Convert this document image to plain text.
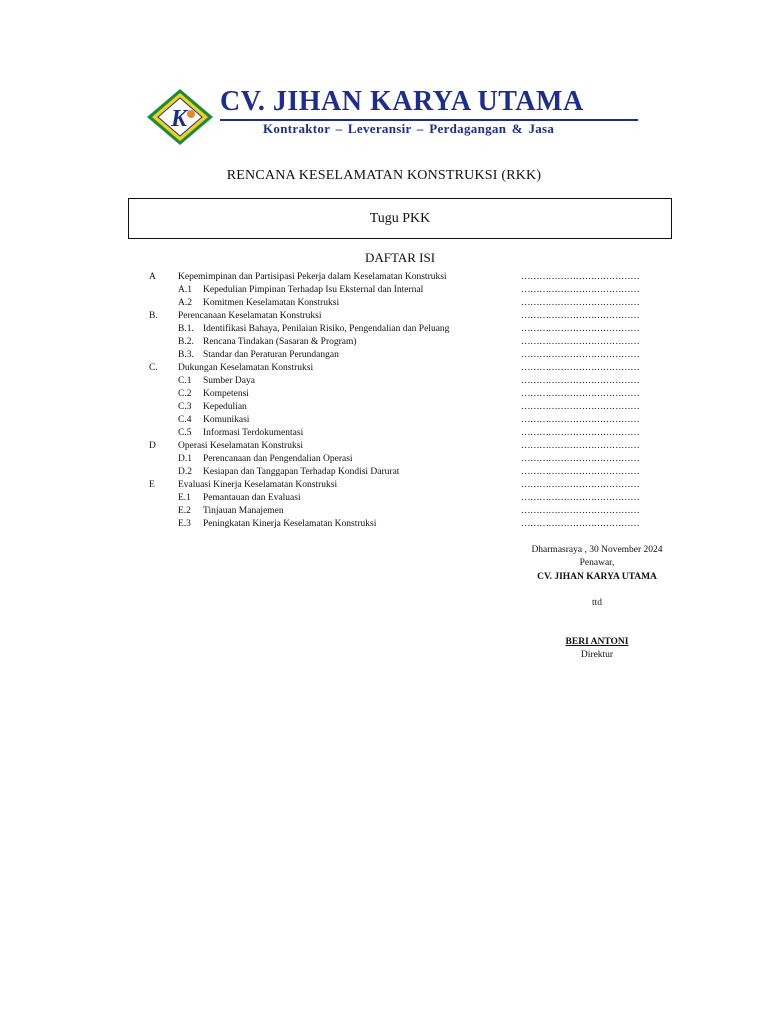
K
CV. JIHAN KARYA UTAMA
Kontraktor – Leveransir – Perdagangan & Jasa
RENCANA KESELAMATAN KONSTRUKSI (RKK)
Tugu PKK
DAFTAR ISI
A Kepemimpinan dan Partisipasi Pekerja dalam Keselamatan Konstruksi	…………………………………
A.1 Kepedulian Pimpinan Terhadap Isu Eksternal dan Internal	…………………………………
A.2 Komitmen Keselamatan Konstruksi	…………………………………
B. Perencanaan Keselamatan Konstruksi	…………………………………
B.1. Identifikasi Bahaya, Penilaian Risiko, Pengendalian dan Peluang	…………………………………
B.2. Rencana Tindakan (Sasaran & Program)	…………………………………
B.3. Standar dan Peraturan Perundangan	…………………………………
C. Dukungan Keselamatan Konstruksi	…………………………………
C.1 Sumber Daya	…………………………………
C.2 Kompetensi	…………………………………
C.3 Kepedulian	…………………………………
C.4 Komunikasi	…………………………………
C.5 Informasi Terdokumentasi	…………………………………
D Operasi Keselamatan Konstruksi	…………………………………
D.1 Perencanaan dan Pengendalian Operasi	…………………………………
D.2 Kesiapan dan Tanggapan Terhadap Kondisi Darurat	…………………………………
E Evaluasi Kinerja Keselamatan Konstruksi	…………………………………
E.1 Pemantauan dan Evaluasi	…………………………………
E.2 Tinjauan Manajemen	…………………………………
E.3 Peningkatan Kinerja Keselamatan Konstruksi	…………………………………
Dharmasraya , 30 November 2024
Penawar,
CV. JIHAN KARYA UTAMA
ttd
BERI ANTONI
Direktur
